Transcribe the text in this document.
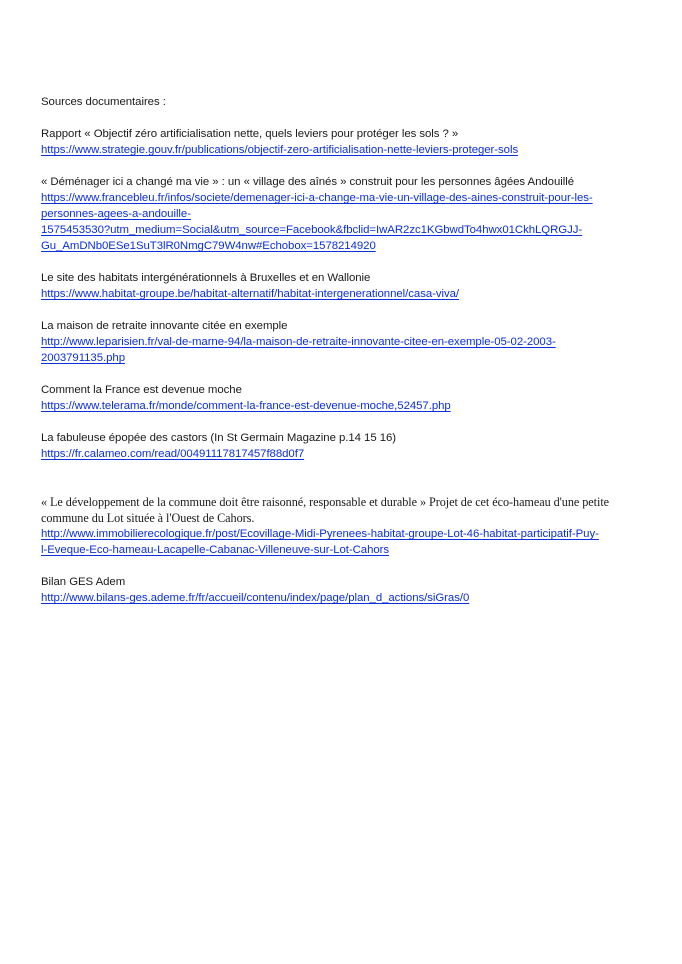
Sources documentaires :

Rapport « Objectif zéro artificialisation nette, quels leviers pour protéger les sols ? »
https://www.strategie.gouv.fr/publications/objectif-zero-artificialisation-nette-leviers-proteger-sols
« Déménager ici a changé ma vie » : un « village des aînés » construit pour les personnes âgées Andouillé
https://www.francebleu.fr/infos/societe/demenager-ici-a-change-ma-vie-un-village-des-aines-construit-pour-les-
personnes-agees-a-andouille-
1575453530?utm_medium=Social&utm_source=Facebook&fbclid=IwAR2zc1KGbwdTo4hwx01CkhLQRGJJ-
Gu_AmDNb0ESe1SuT3lR0NmgC79W4nw#Echobox=1578214920
Le site des habitats intergénérationnels à Bruxelles et en Wallonie
https://www.habitat-groupe.be/habitat-alternatif/habitat-intergenerationnel/casa-viva/
La maison de retraite innovante citée en exemple
http://www.leparisien.fr/val-de-marne-94/la-maison-de-retraite-innovante-citee-en-exemple-05-02-2003-
2003791135.php
Comment la France est devenue moche
https://www.telerama.fr/monde/comment-la-france-est-devenue-moche,52457.php
La fabuleuse épopée des castors (In St Germain Magazine p.14 15 16)
https://fr.calameo.com/read/00491117817457f88d0f7
« Le développement de la commune doit être raisonné, responsable et durable » Projet de cet éco-hameau d'une petite commune du Lot située à l'Ouest de Cahors.
http://www.immobilierecologique.fr/post/Ecovillage-Midi-Pyrenees-habitat-groupe-Lot-46-habitat-participatif-Puy-
l-Eveque-Eco-hameau-Lacapelle-Cabanac-Villeneuve-sur-Lot-Cahors
Bilan GES Adem
http://www.bilans-ges.ademe.fr/fr/accueil/contenu/index/page/plan_d_actions/siGras/0
